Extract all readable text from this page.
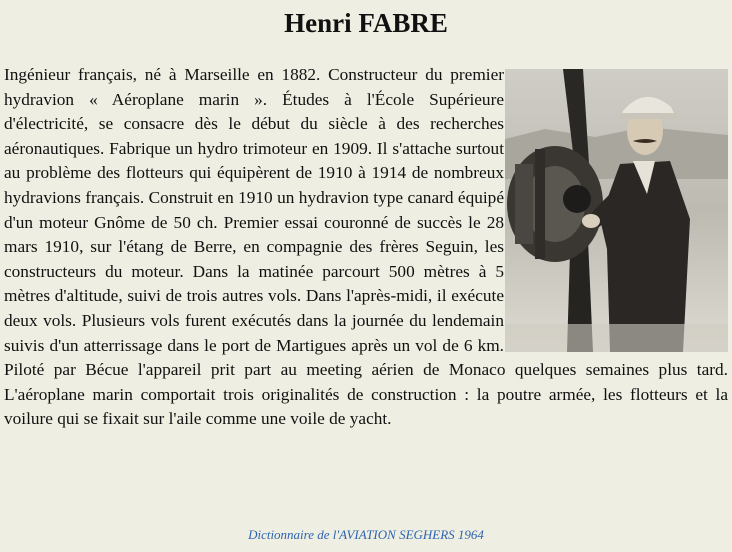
Henri FABRE

Ingénieur français, né à Marseille en 1882. Constructeur du premier hydravion « Aéroplane marin ». Études à l'École Supérieure d'électricité, se consacre dès le début du siècle à des recherches aéronautiques. Fabrique un hydro trimoteur en 1909. Il s'attache surtout au problème des flotteurs qui équipèrent de 1910 à 1914 de nombreux hydravions français. Construit en 1910 un hydravion type canard équipé d'un moteur Gnôme de 50 ch. Premier essai couronné de succès le 28 mars 1910, sur l'étang de Berre, en compagnie des frères Seguin, les constructeurs du moteur. Dans la matinée parcourt 500 mètres à 5 mètres d'altitude, suivi de trois autres vols. Dans l'après-midi, il exécute deux vols. Plusieurs vols furent exécutés dans la journée du lendemain suivis d'un atterrissage dans le port de Martigues après un vol de 6 km. Piloté par Bécue l'appareil prit part au meeting aérien de Monaco quelques semaines plus tard. L'aéroplane marin comportait trois originalités de construction : la poutre armée, les flotteurs et la voilure qui se fixait sur l'aile comme une voile de yacht.

Dictionnaire de l'AVIATION SEGHERS 1964
